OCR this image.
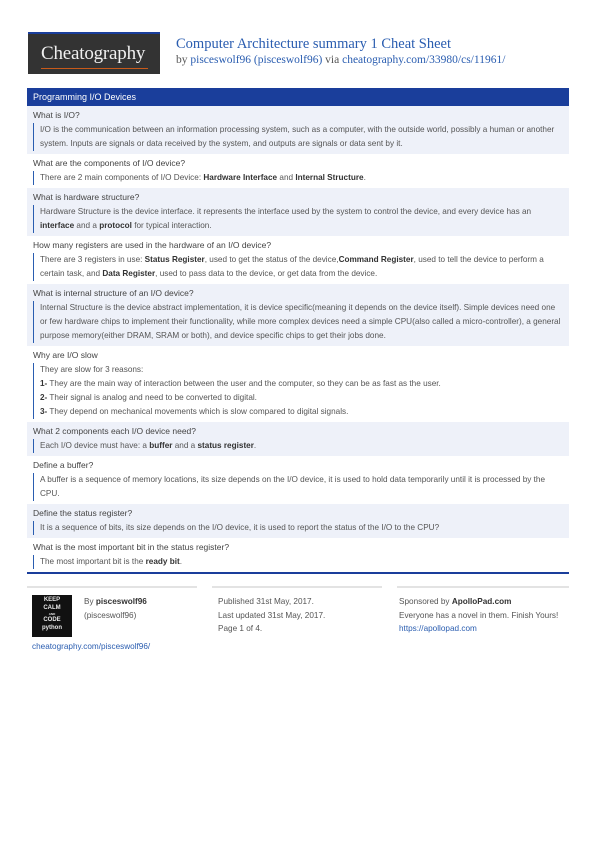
Cheatography Computer Architecture summary 1 Cheat Sheet
by pisceswolf96 (pisceswolf96) via cheatography.com/33980/cs/11961/
Programming I/O Devices
What is I/O?
I/O is the communication between an information processing system, such as a computer, with the outside world, possibly a human or another system. Inputs are signals or data received by the system, and outputs are signals or data sent by it.
What are the components of I/O device?
There are 2 main components of I/O Device: Hardware Interface and Internal Structure.
What is hardware structure?
Hardware Structure is the device interface. it represents the interface used by the system to control the device, and every device has an interface and a protocol for typical interaction.
How many registers are used in the hardware of an I/O device?
There are 3 registers in use: Status Register, used to get the status of the device,Command Register, used to tell the device to perform a certain task, and Data Register, used to pass data to the device, or get data from the device.
What is internal structure of an I/O device?
Internal Structure is the device abstract implementation, it is device specific(meaning it depends on the device itself). Simple devices need one or few hardware chips to implement their functionality, while more complex devices need a simple CPU(also called a micro-controller), a general purpose memory(either DRAM, SRAM or both), and device specific chips to get their jobs done.
Why are I/O slow
They are slow for 3 reasons:
1- They are the main way of interaction between the user and the computer, so they can be as fast as the user.
2- Their signal is analog and need to be converted to digital.
3- They depend on mechanical movements which is slow compared to digital signals.
What 2 components each I/O device need?
Each I/O device must have: a buffer and a status register.
Define a buffer?
A buffer is a sequence of memory locations, its size depends on the I/O device, it is used to hold data temporarily until it is processed by the CPU.
Define the status register?
It is a sequence of bits, its size depends on the I/O device, it is used to report the status of the I/O to the CPU?
What is the most important bit in the status register?
The most important bit is the ready bit.
KEEP
CALM
AND
CODE
python
By pisceswolf96
(pisceswolf96)
cheatography.com/pisceswolf96/
Published 31st May, 2017.
Last updated 31st May, 2017.
Page 1 of 4.
Sponsored by ApolloPad.com
Everyone has a novel in them. Finish Yours!
https://apollopad.com
